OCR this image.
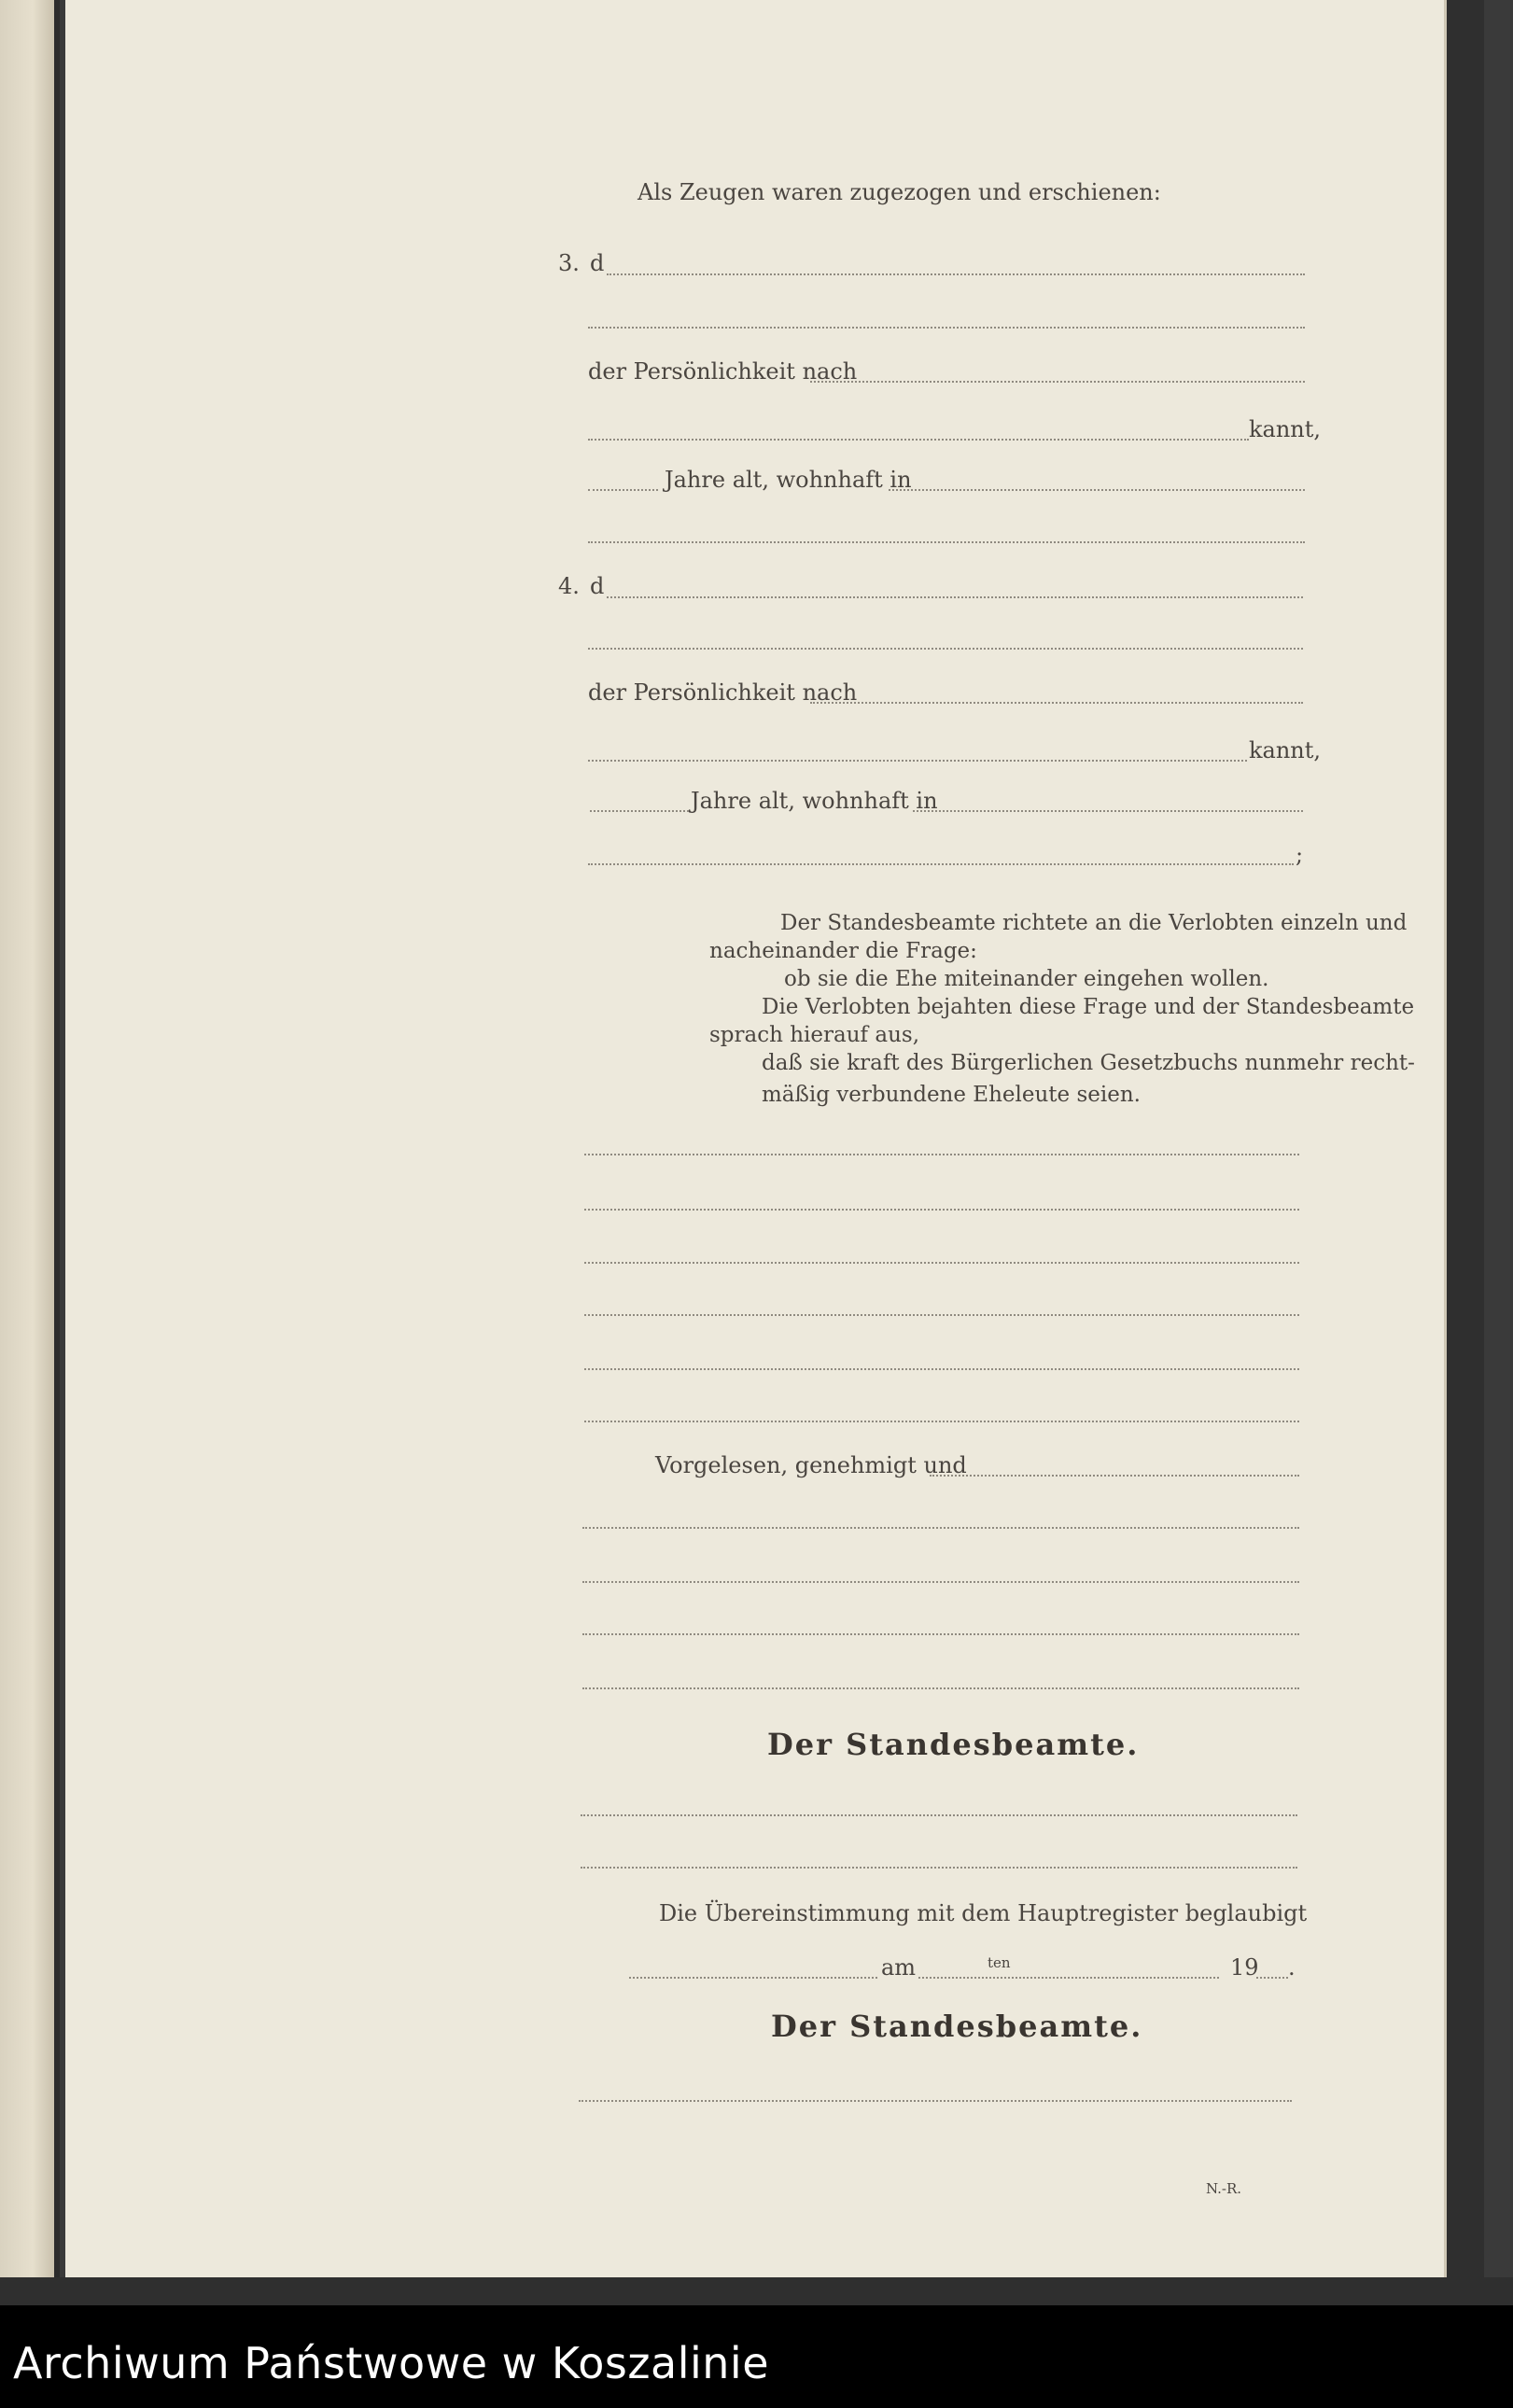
Als Zeugen waren zugezogen und erschienen:
3. d
der Persönlichkeit nach
kannt,
Jahre alt, wohnhaft in
4. d
der Persönlichkeit nach
kannt,
Jahre alt, wohnhaft in
;
Der Standesbeamte richtete an die Verlobten einzeln und
nacheinander die Frage:
ob sie die Ehe miteinander eingehen wollen.
Die Verlobten bejahten diese Frage und der Standesbeamte
sprach hierauf aus,
daß sie kraft des Bürgerlichen Gesetzbuchs nunmehr recht-
mäßig verbundene Eheleute seien.
Vorgelesen, genehmigt und
Der Standesbeamte.
Die Übereinstimmung mit dem Hauptregister beglaubigt
am	ten	19 .
Der Standesbeamte.
N.-R.
Archiwum Państwowe w Koszalinie
